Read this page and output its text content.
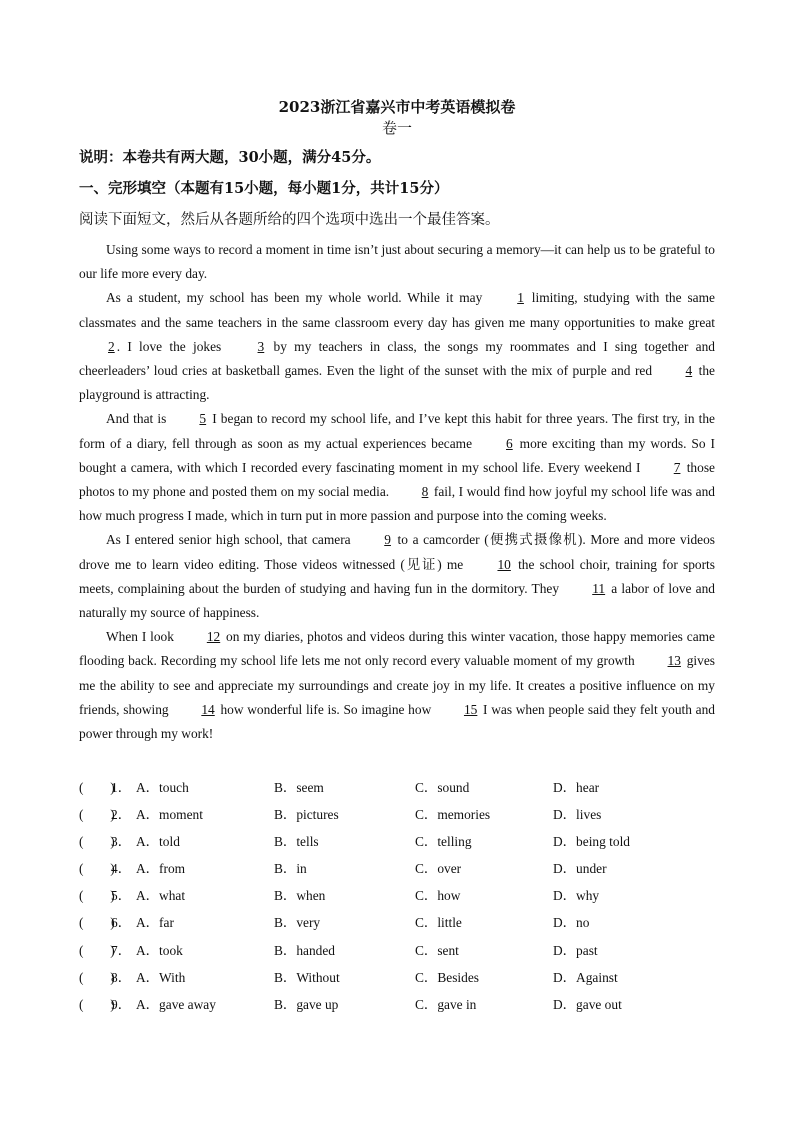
2023浙江省嘉兴市中考英语模拟卷
卷一
说明：本卷共有两大题，30小题，满分45分。
一、完形填空（本题有15小题，每小题1分，共计15分）
阅读下面短文，然后从各题所给的四个选项中选出一个最佳答案。

Using some ways to record a moment in time isn’t just about securing a memory—it can help us to be grateful to our life more every day.

As a student, my school has been my whole world. While it may 1 limiting, studying with the same classmates and the same teachers in the same classroom every day has given me many opportunities to make great 2 . I love the jokes 3 by my teachers in class, the songs my roommates and I sing together and cheerleaders’ loud cries at basketball games. Even the light of the sunset with the mix of purple and red 4 the playground is attracting.

And that is 5 I began to record my school life, and I’ve kept this habit for three years. The first try, in the form of a diary, fell through as soon as my actual experiences became 6 more exciting than my words. So I bought a camera, with which I recorded every fascinating moment in my school life. Every weekend I 7 those photos to my phone and posted them on my social media. 8 fail, I would find how joyful my school life was and how much progress I made, which in turn put in more passion and purpose into the coming weeks.

As I entered senior high school, that camera 9 to a camcorder (便携式摄像机). More and more videos drove me to learn video editing. Those videos witnessed (见证) me 10 the school choir, training for sports meets, complaining about the burden of studying and having fun in the dormitory. They 11 a labor of love and naturally my source of happiness.

When I look 12 on my diaries, photos and videos during this winter vacation, those happy memories came flooding back. Recording my school life lets me not only record every valuable moment of my growth 13 gives me the ability to see and appreciate my surroundings and create joy in my life. It creates a positive influence on my friends, showing 14 how wonderful life is. So imagine how 15 I was when people said they felt youth and power through my work!

(　　)
1． A．touch	B．seem	C．sound	D．hear
(　　)
2． A．moment	B．pictures	C．memories	D．lives
(　　)
3． A．told	B．tells	C．telling	D．being told
(　　)
4． A．from	B．in	C．over	D．under
(　　)
5． A．what	B．when	C．how	D．why
(　　)
6． A．far	B．very	C．little	D．no
(　　)
7． A．took	B．handed	C．sent	D．past
(　　)
8． A．With	B．Without	C．Besides	D．Against
(　　)
9． A．gave away	B．gave up	C．gave in	D．gave out
